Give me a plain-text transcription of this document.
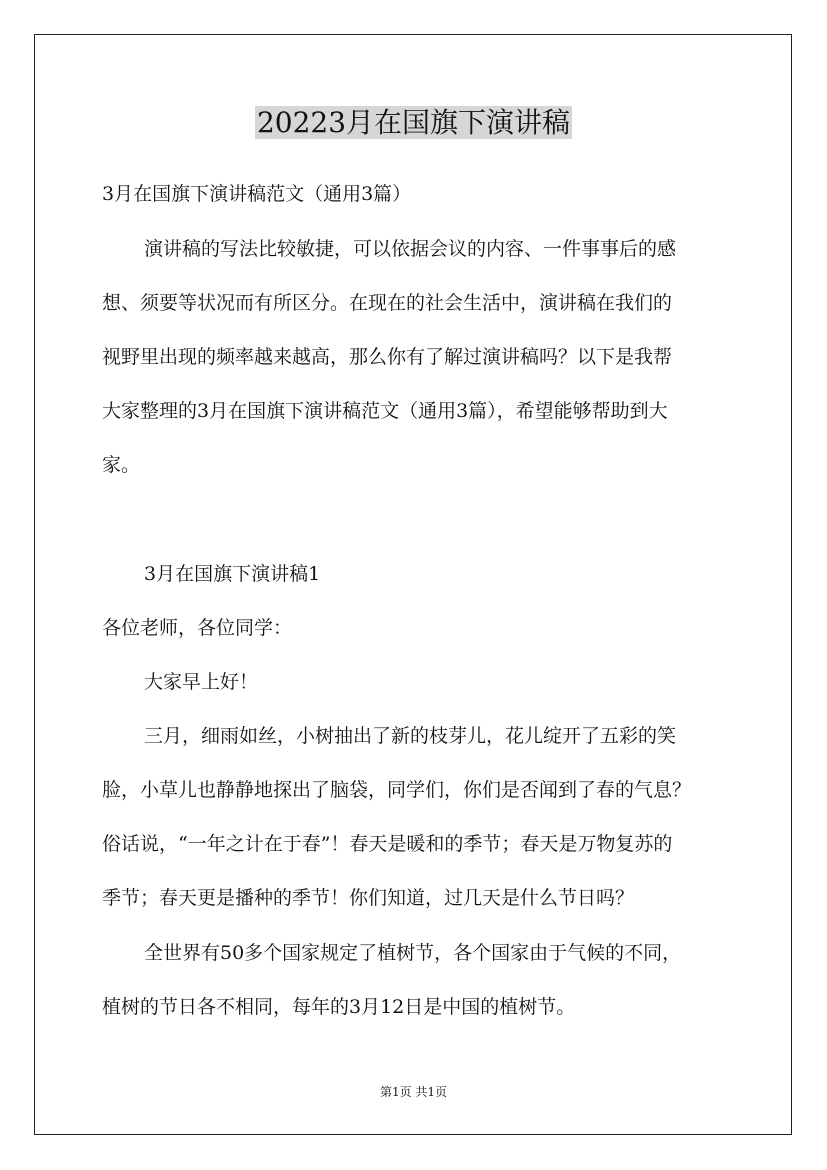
20223月在国旗下演讲稿
3月在国旗下演讲稿范文（通用3篇）
演讲稿的写法比较敏捷，可以依据会议的内容、一件事事后的感
想、须要等状况而有所区分。在现在的社会生活中，演讲稿在我们的
视野里出现的频率越来越高，那么你有了解过演讲稿吗？以下是我帮
大家整理的3月在国旗下演讲稿范文（通用3篇），希望能够帮助到大
家。
3月在国旗下演讲稿1
各位老师，各位同学：
大家早上好！
三月，细雨如丝，小树抽出了新的枝芽儿，花儿绽开了五彩的笑
脸，小草儿也静静地探出了脑袋，同学们，你们是否闻到了春的气息？
俗话说，“一年之计在于春”！春天是暖和的季节；春天是万物复苏的
季节；春天更是播种的季节！你们知道，过几天是什么节日吗？
全世界有50多个国家规定了植树节，各个国家由于气候的不同，
植树的节日各不相同，每年的3月12日是中国的植树节。
第1页 共1页
